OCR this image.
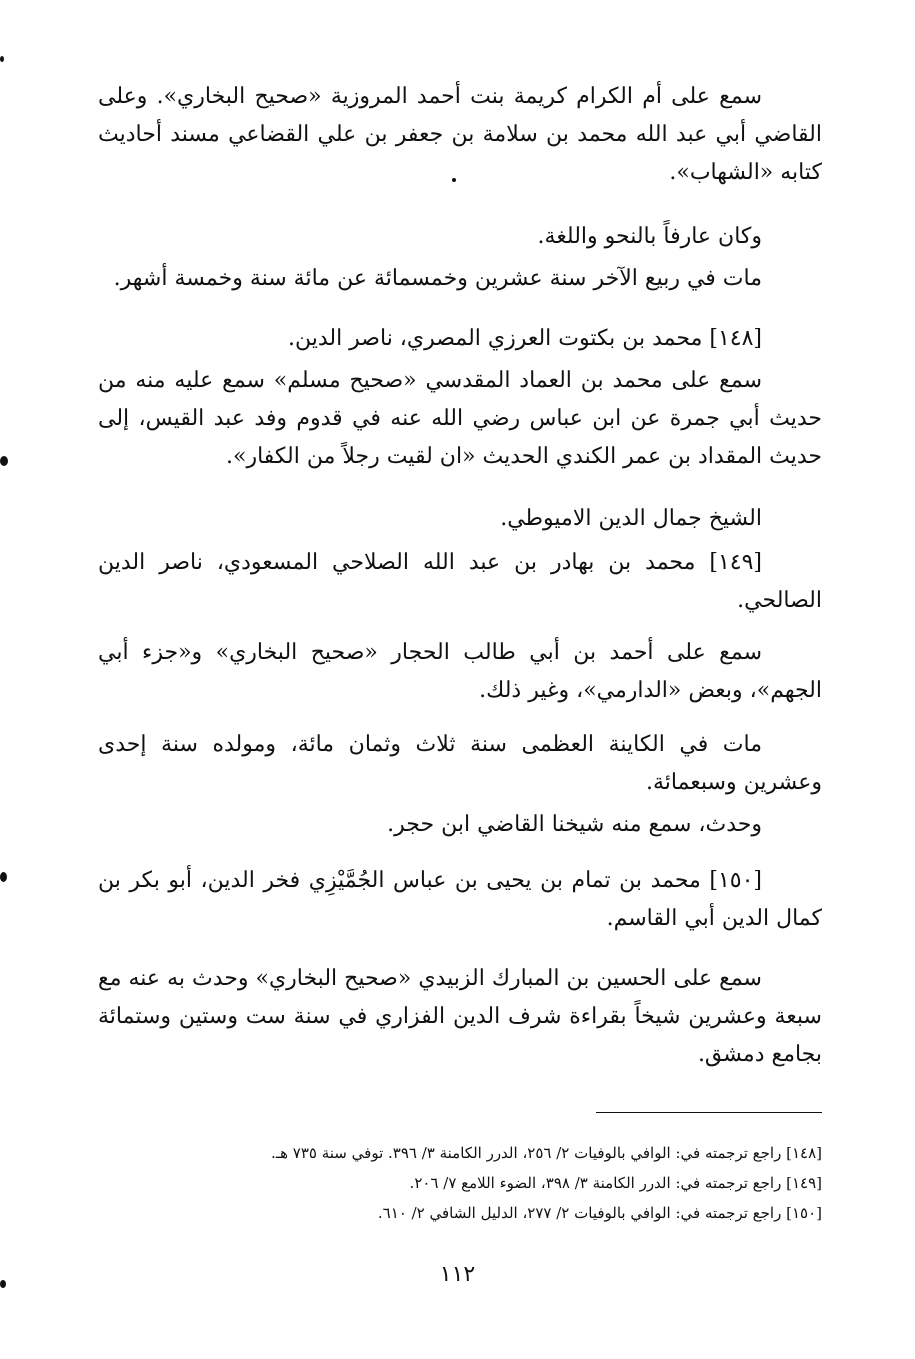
سمع على أم الكرام كريمة بنت أحمد المروزية «صحيح البخاري». وعلى القاضي أبي عبد الله محمد بن سلامة بن جعفر بن علي القضاعي مسند أحاديث كتابه «الشهاب».

وكان عارفاً بالنحو واللغة.

مات في ربيع الآخر سنة عشرين وخمسمائة عن مائة سنة وخمسة أشهر.

[١٤٨] محمد بن بكتوت العرزي المصري، ناصر الدين.

سمع على محمد بن العماد المقدسي «صحيح مسلم» سمع عليه منه من حديث أبي جمرة عن ابن عباس رضي الله عنه في قدوم وفد عبد القيس، إلى حديث المقداد بن عمر الكندي الحديث «ان لقيت رجلاً من الكفار».

الشيخ جمال الدين الاميوطي.

[١٤٩] محمد بن بهادر بن عبد الله الصلاحي المسعودي، ناصر الدين الصالحي.

سمع على أحمد بن أبي طالب الحجار «صحيح البخاري» و«جزء أبي الجهم»، وبعض «الدارمي»، وغير ذلك.

مات في الكاينة العظمى سنة ثلاث وثمان مائة، ومولده سنة إحدى وعشرين وسبعمائة.

وحدث، سمع منه شيخنا القاضي ابن حجر.

[١٥٠] محمد بن تمام بن يحيى بن عباس الجُمَّيْزِي فخر الدين، أبو بكر بن كمال الدين أبي القاسم.

سمع على الحسين بن المبارك الزبيدي «صحيح البخاري» وحدث به عنه مع سبعة وعشرين شيخاً بقراءة شرف الدين الفزاري في سنة ست وستين وستمائة بجامع دمشق.

[١٤٨] راجع ترجمته في: الوافي بالوفيات ٢/ ٢٥٦، الدرر الكامنة ٣/ ٣٩٦. توفي سنة ٧٣٥ هـ.

[١٤٩] راجع ترجمته في: الدرر الكامنة ٣/ ٣٩٨، الضوء اللامع ٧/ ٢٠٦.

[١٥٠] راجع ترجمته في: الوافي بالوفيات ٢/ ٢٧٧، الدليل الشافي ٢/ ٦١٠.

١١٢
